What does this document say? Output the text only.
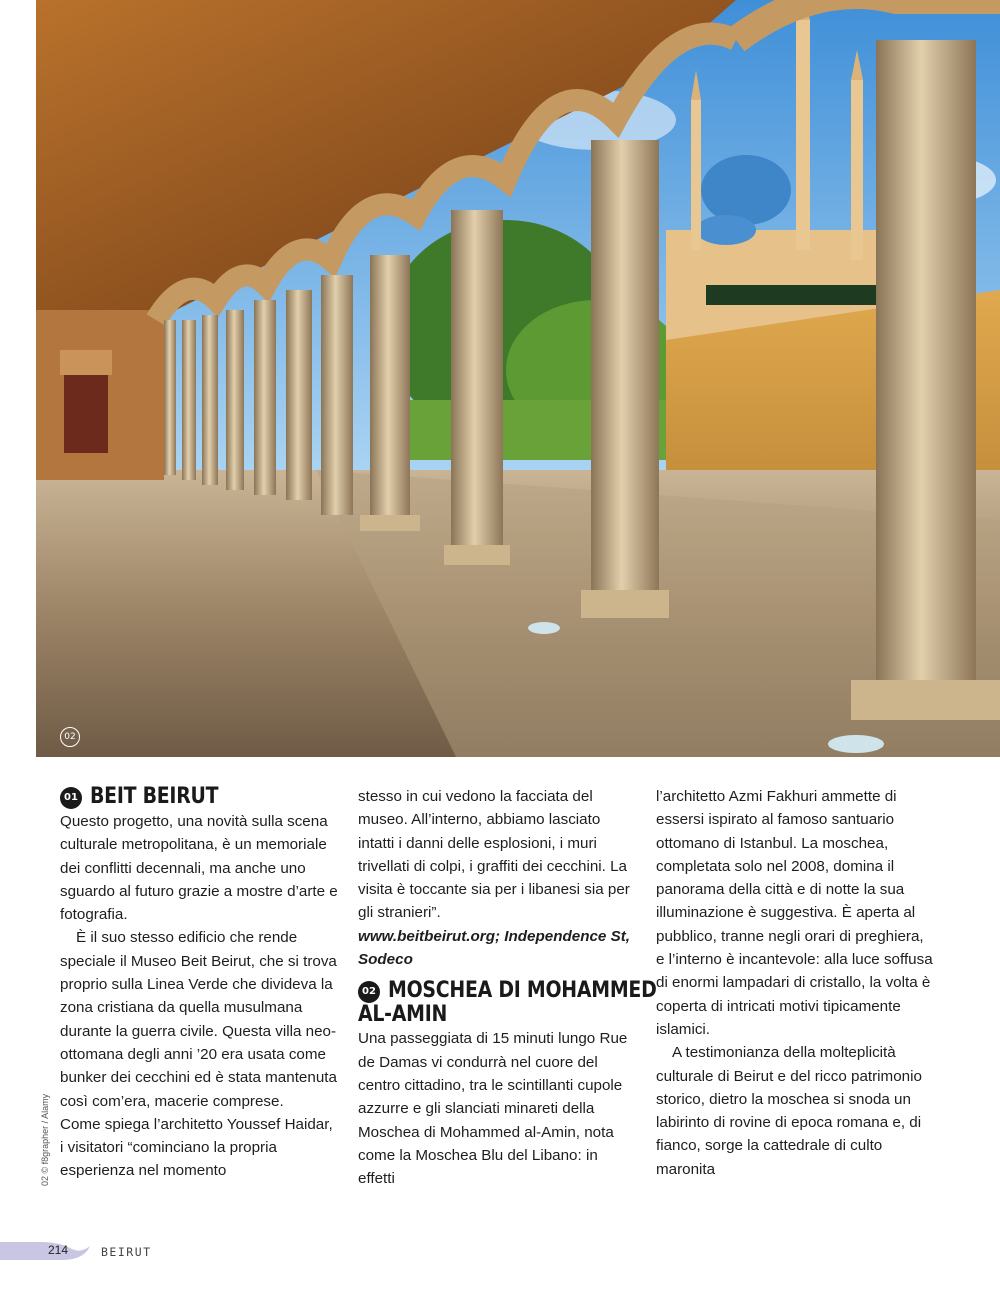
02
01 BEIT BEIRUT

Questo progetto, una novità sulla scena culturale metropolitana, è un memoriale dei conflitti decennali, ma anche uno sguardo al futuro grazie a mostre d’arte e fotografia.

È il suo stesso edificio che rende speciale il Museo Beit Beirut, che si trova proprio sulla Linea Verde che divideva la zona cristiana da quella musulmana durante la guerra civile. Questa villa neo-ottomana degli anni ’20 era usata come bunker dei cecchini ed è stata mantenuta così com’era, macerie comprese.

Come spiega l’architetto Youssef Haidar, i visitatori “cominciano la propria esperienza nel momento

stesso in cui vedono la facciata del museo. All’interno, abbiamo lasciato intatti i danni delle esplosioni, i muri trivellati di colpi, i graffiti dei cecchini. La visita è toccante sia per i libanesi sia per gli stranieri”.

www.beitbeirut.org; Independence St, Sodeco

02 MOSCHEA DI MOHAMMED
AL-AMIN

Una passeggiata di 15 minuti lungo Rue de Damas vi condurrà nel cuore del centro cittadino, tra le scintillanti cupole azzurre e gli slanciati minareti della Moschea di Mohammed al-Amin, nota come la Moschea Blu del Libano: in effetti

l’architetto Azmi Fakhuri ammette di essersi ispirato al famoso santuario ottomano di Istanbul. La moschea, completata solo nel 2008, domina il panorama della città e di notte la sua illuminazione è suggestiva. È aperta al pubblico, tranne negli orari di preghiera, e l’interno è incantevole: alla luce soffusa di enormi lampadari di cristallo, la volta è coperta di intricati motivi tipicamente islamici.

A testimonianza della molteplicità culturale di Beirut e del ricco patrimonio storico, dietro la moschea si snoda un labirinto di rovine di epoca romana e, di fianco, sorge la cattedrale di culto maronita

02 © f8grapher / Alamy
214	BEIRUT
